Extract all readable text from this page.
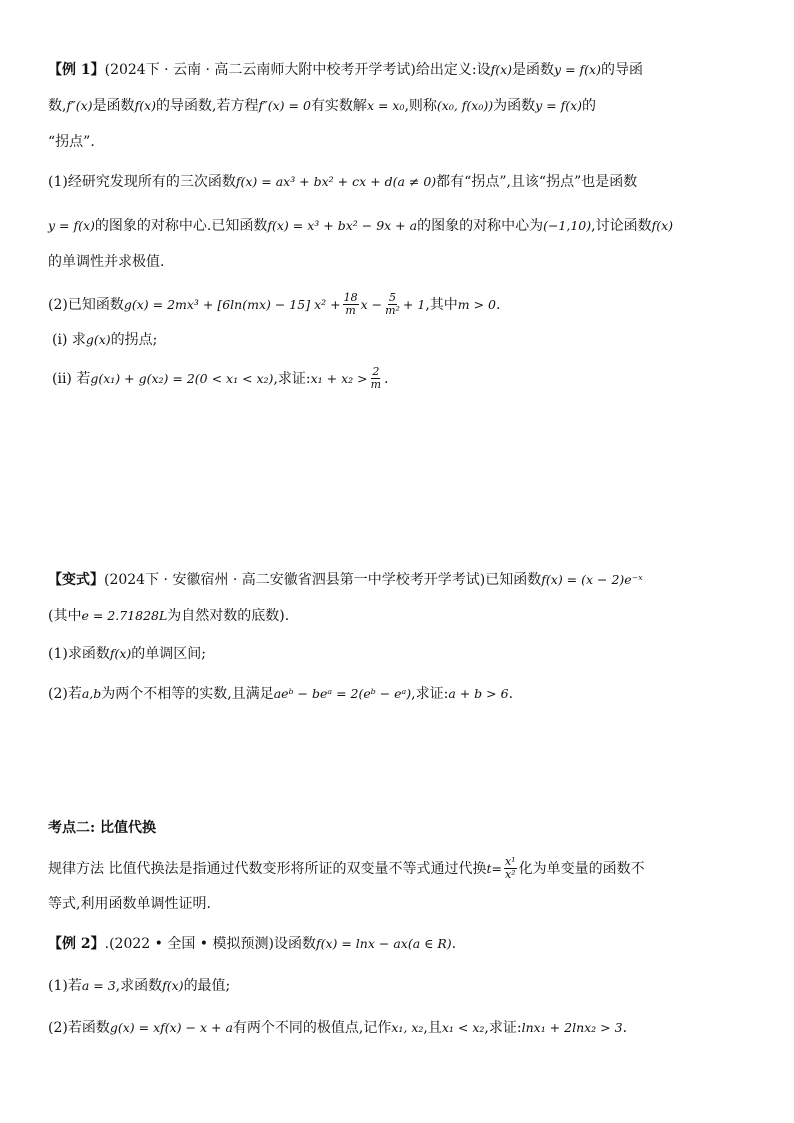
【例 1】 (2024下 · 云南 · 高二云南师大附中校考开学考试) 给出定义:设 f(x) 是函数 y = f(x) 的导函
数, f″(x) 是函数 f(x) 的导函数,若方程 f″(x) = 0 有实数解 x = x₀ ,则称 (x₀, f(x₀)) 为函数 y = f(x) 的
“拐点”.
(1)经研究发现所有的三次函数 f(x) = ax³ + bx² + cx + d(a ≠ 0) 都有“拐点”,且该“拐点”也是函数
y = f(x) 的图象的对称中心.已知函数 f(x) = x³ + bx² − 9x + a 的图象的对称中心为 (−1,10) ,讨论函数 f(x)
的单调性并求极值.
(2)已知函数 g(x) = 2mx³ + [6ln(mx) − 15] $x^2 + \frac{18}{m}$ $x - \frac{5}{\text{m²}} + 1$ ,其中 m > 0 .
(i) 求 g(x) 的拐点;
(ii) 若 g(x₁) + g(x₂) = 2(0 < x₁ < x₂) ,求证: $x_1 + x_2 > \frac{2}{m}$ .
【变式】 (2024下 · 安徽宿州 · 高二安徽省泗县第一中学校考开学考试)已知函数 f(x) = (x − 2)e⁻ˣ
(其中 e = 2.71828L 为自然对数的底数).
(1)求函数 f(x) 的单调区间;
(2)若 a,b 为两个不相等的实数,且满足 aeᵇ − beᵃ = 2(eᵇ − eᵃ) ,求证: a + b > 6 .
考点二: 比值代换
规律方法 比值代换法是指通过代数变形将所证的双变量不等式通过代换 $t= \frac{\text{x¹}}{\text{x²}}$ 化为单变量的函数不
等式,利用函数单调性证明.
【例 2】 .(2022 • 全国 • 模拟预测)设函数 f(x) = lnx − ax(a ∈ R) .
(1)若 a = 3 ,求函数 f(x) 的最值;
(2)若函数 g(x) = xf(x) − x + a 有两个不同的极值点,记作 x₁, x₂ ,且 x₁ < x₂ ,求证: lnx₁ + 2lnx₂ > 3 .
